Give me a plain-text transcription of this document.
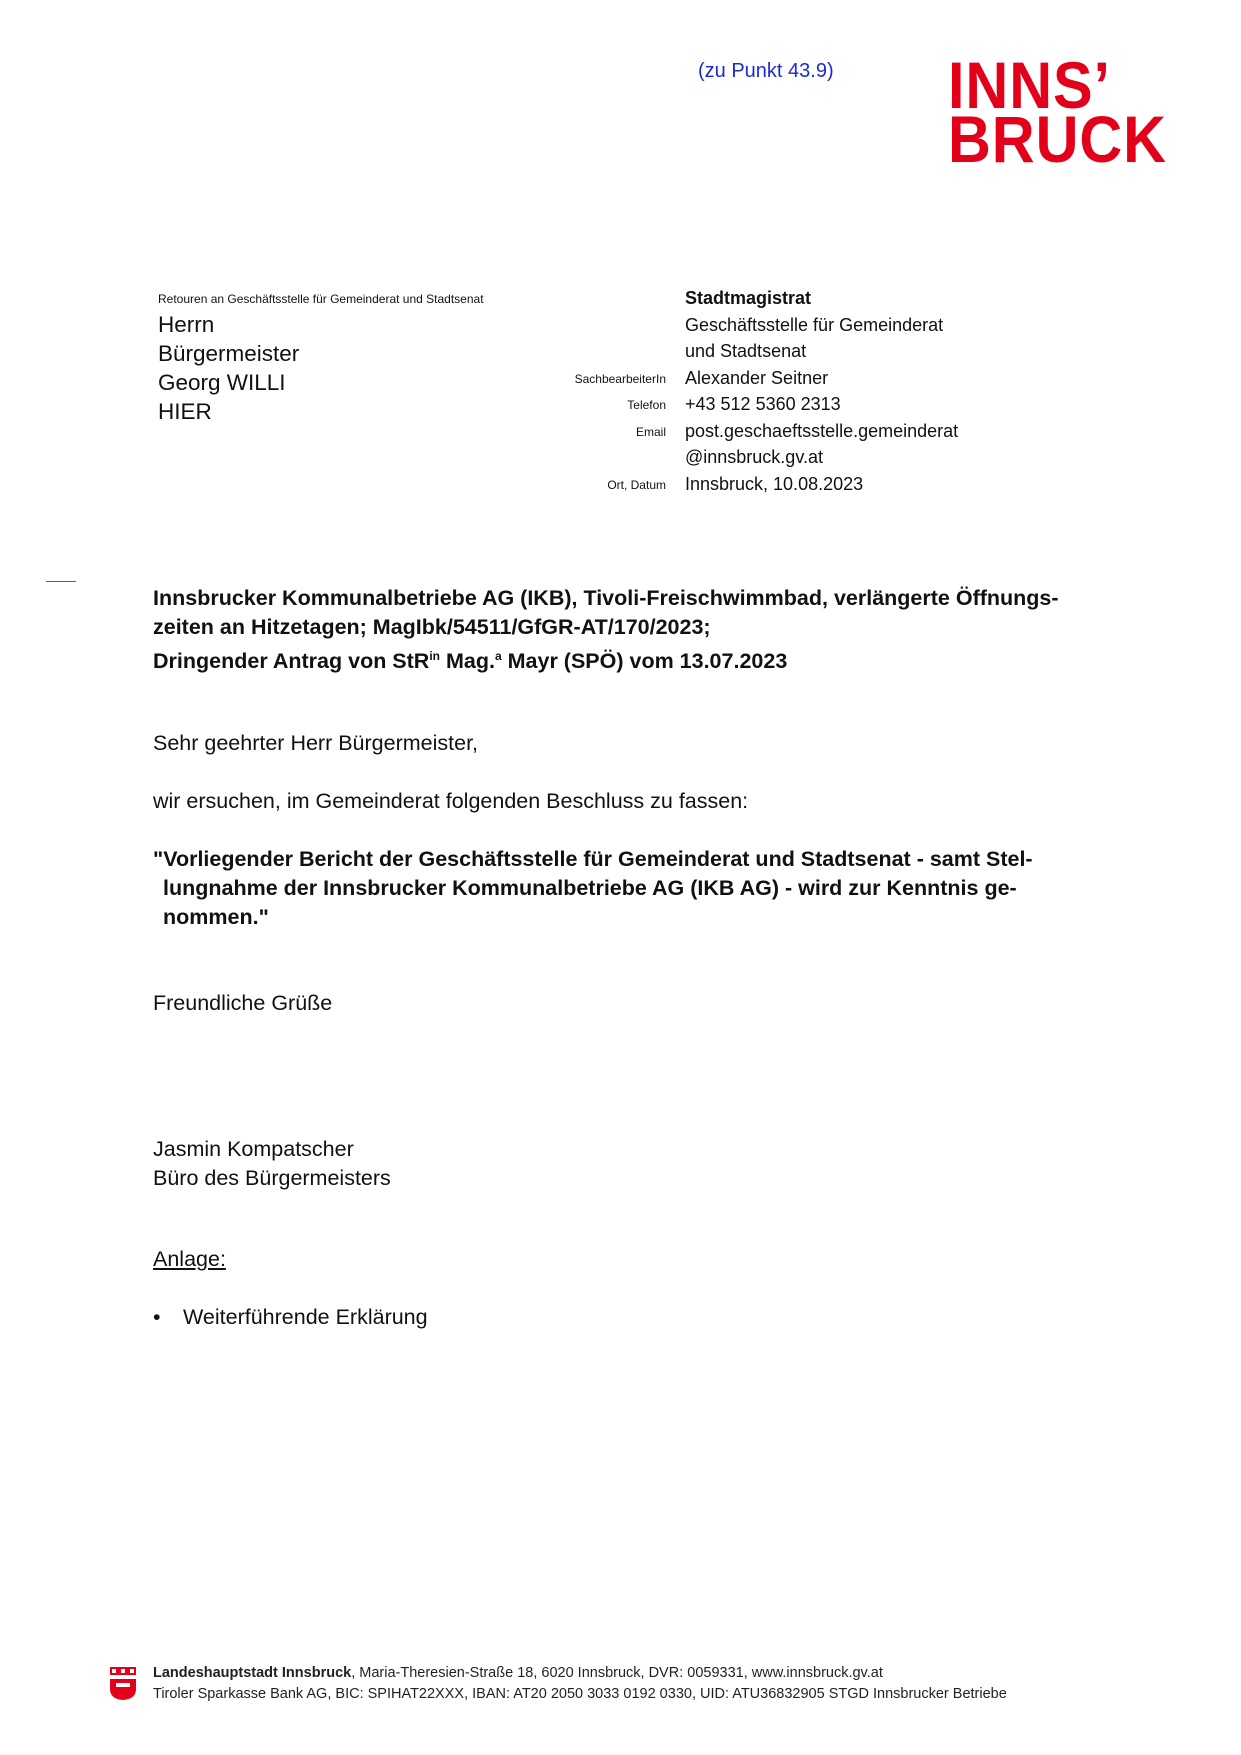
(zu Punkt 43.9) INNS’
BRUCK
Retouren an Geschäftsstelle für Gemeinderat und Stadtsenat
Herrn
Bürgermeister
Georg WILLI
HIER
Stadtmagistrat
Geschäftsstelle für Gemeinderat
und Stadtsenat
Alexander Seitner
+43 512 5360 2313
post.geschaeftsstelle.gemeinderat
@innsbruck.gv.at
Innsbruck, 10.08.2023
SachbearbeiterIn
Telefon
Email
Ort, Datum
Innsbrucker Kommunalbetriebe AG (IKB), Tivoli-Freischwimmbad, verlängerte Öffnungs-
zeiten an Hitzetagen; MagIbk/54511/GfGR-AT/170/2023;
Dringender Antrag von StR$^{in}$ Mag.$^a$ Mayr (SPÖ) vom 13.07.2023
Sehr geehrter Herr Bürgermeister,
wir ersuchen, im Gemeinderat folgenden Beschluss zu fassen:
"Vorliegender Bericht der Geschäftsstelle für Gemeinderat und Stadtsenat - samt Stel-
lungnahme der Innsbrucker Kommunalbetriebe AG (IKB AG) - wird zur Kenntnis ge-
nommen."
Freundliche Grüße
Jasmin Kompatscher
Büro des Bürgermeisters
Anlage:
• Weiterführende Erklärung
Landeshauptstadt Innsbruck, Maria-Theresien-Straße 18, 6020 Innsbruck, DVR: 0059331, www.innsbruck.gv.at
Tiroler Sparkasse Bank AG, BIC: SPIHAT22XXX, IBAN: AT20 2050 3033 0192 0330, UID: ATU36832905 STGD Innsbrucker Betriebe
